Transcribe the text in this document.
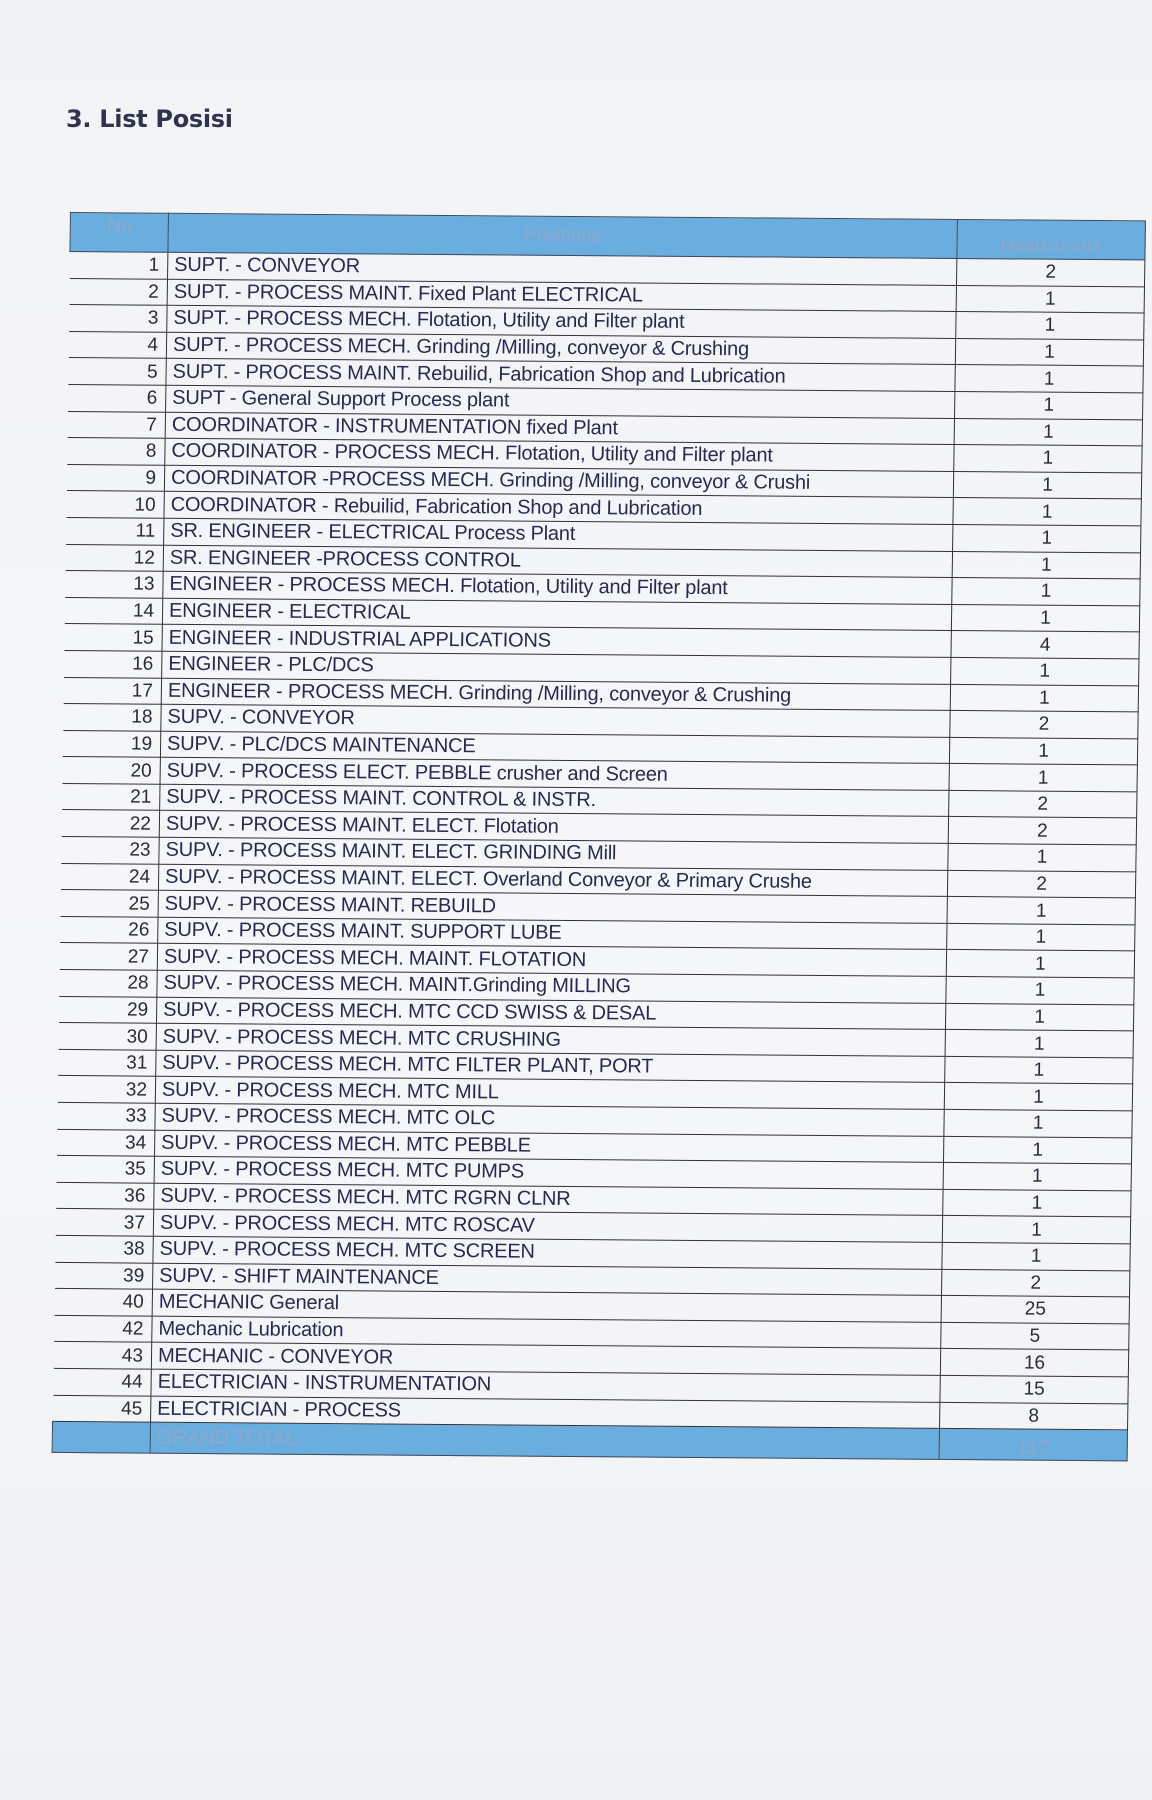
3. List Posisi
No	Positions	Headcounts
1	SUPT. - CONVEYOR	2
2	SUPT. - PROCESS MAINT. Fixed Plant ELECTRICAL	1
3	SUPT. - PROCESS MECH. Flotation, Utility and Filter plant	1
4	SUPT. - PROCESS MECH. Grinding /Milling, conveyor & Crushing	1
5	SUPT. - PROCESS MAINT. Rebuilid, Fabrication Shop and Lubrication	1
6	SUPT - General Support Process plant	1
7	COORDINATOR - INSTRUMENTATION fixed Plant	1
8	COORDINATOR - PROCESS MECH. Flotation, Utility and Filter plant	1
9	COORDINATOR -PROCESS MECH. Grinding /Milling, conveyor & Crushi	1
10	COORDINATOR - Rebuilid, Fabrication Shop and Lubrication	1
11	SR. ENGINEER - ELECTRICAL Process Plant	1
12	SR. ENGINEER -PROCESS CONTROL	1
13	ENGINEER - PROCESS MECH. Flotation, Utility and Filter plant	1
14	ENGINEER - ELECTRICAL	1
15	ENGINEER - INDUSTRIAL APPLICATIONS	4
16	ENGINEER - PLC/DCS	1
17	ENGINEER - PROCESS MECH. Grinding /Milling, conveyor & Crushing	1
18	SUPV. - CONVEYOR	2
19	SUPV. - PLC/DCS MAINTENANCE	1
20	SUPV. - PROCESS ELECT. PEBBLE crusher and Screen	1
21	SUPV. - PROCESS MAINT. CONTROL & INSTR.	2
22	SUPV. - PROCESS MAINT. ELECT. Flotation	2
23	SUPV. - PROCESS MAINT. ELECT. GRINDING Mill	1
24	SUPV. - PROCESS MAINT. ELECT. Overland Conveyor & Primary Crushe	2
25	SUPV. - PROCESS MAINT. REBUILD	1
26	SUPV. - PROCESS MAINT. SUPPORT LUBE	1
27	SUPV. - PROCESS MECH. MAINT. FLOTATION	1
28	SUPV. - PROCESS MECH. MAINT.Grinding MILLING	1
29	SUPV. - PROCESS MECH. MTC CCD SWISS & DESAL	1
30	SUPV. - PROCESS MECH. MTC CRUSHING	1
31	SUPV. - PROCESS MECH. MTC FILTER PLANT, PORT	1
32	SUPV. - PROCESS MECH. MTC MILL	1
33	SUPV. - PROCESS MECH. MTC OLC	1
34	SUPV. - PROCESS MECH. MTC PEBBLE	1
35	SUPV. - PROCESS MECH. MTC PUMPS	1
36	SUPV. - PROCESS MECH. MTC RGRN CLNR	1
37	SUPV. - PROCESS MECH. MTC ROSCAV	1
38	SUPV. - PROCESS MECH. MTC SCREEN	1
39	SUPV. - SHIFT MAINTENANCE	2
40	MECHANIC General	25
42	Mechanic Lubrication	5
43	MECHANIC - CONVEYOR	16
44	ELECTRICIAN - INSTRUMENTATION	15
45	ELECTRICIAN - PROCESS	8
	GRAND TOTAL	117
